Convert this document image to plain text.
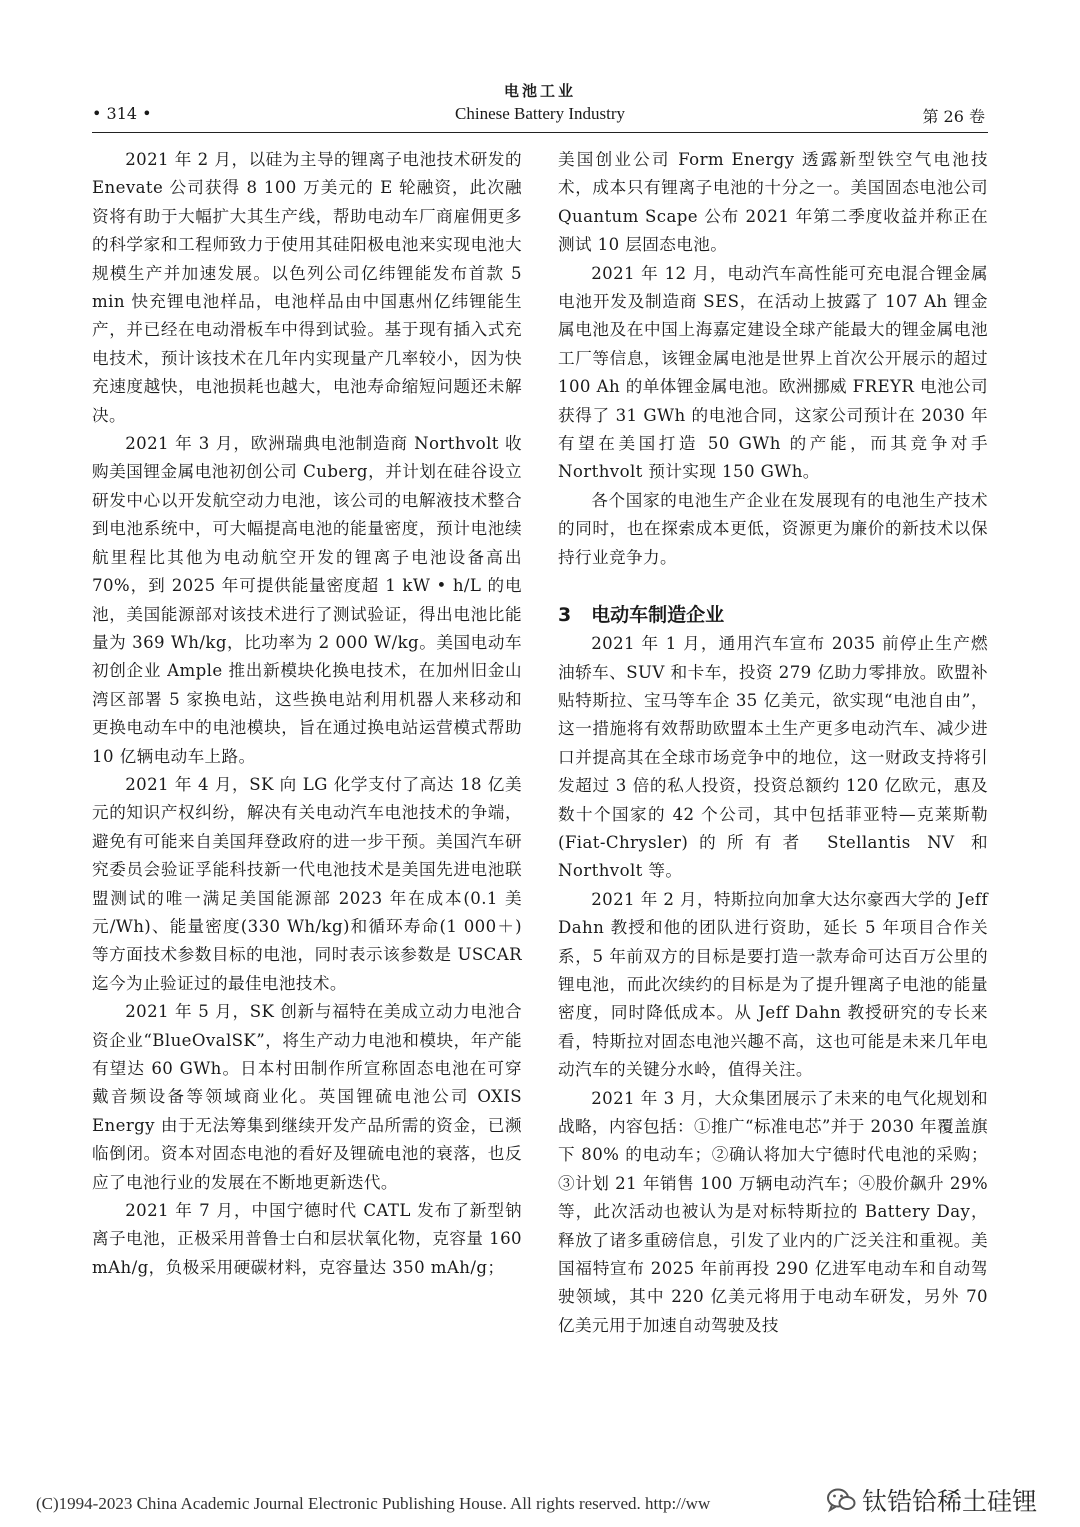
电池工业
• 314 •	Chinese Battery Industry	第 26 卷

2021 年 2 月，以硅为主导的锂离子电池技术研发的 Enevate 公司获得 8 100 万美元的 E 轮融资，此次融资将有助于大幅扩大其生产线，帮助电动车厂商雇佣更多的科学家和工程师致力于使用其硅阳极电池来实现电池大规模生产并加速发展。以色列公司亿纬锂能发布首款 5 min 快充锂电池样品，电池样品由中国惠州亿纬锂能生产，并已经在电动滑板车中得到试验。基于现有插入式充电技术，预计该技术在几年内实现量产几率较小，因为快充速度越快，电池损耗也越大，电池寿命缩短问题还未解决。

2021 年 3 月，欧洲瑞典电池制造商 Northvolt 收购美国锂金属电池初创公司 Cuberg，并计划在硅谷设立研发中心以开发航空动力电池，该公司的电解液技术整合到电池系统中，可大幅提高电池的能量密度，预计电池续航里程比其他为电动航空开发的锂离子电池设备高出 70%，到 2025 年可提供能量密度超 1 kW • h/L 的电池，美国能源部对该技术进行了测试验证，得出电池比能量为 369 Wh/kg，比功率为 2 000 W/kg。美国电动车初创企业 Ample 推出新模块化换电技术，在加州旧金山湾区部署 5 家换电站，这些换电站利用机器人来移动和更换电动车中的电池模块，旨在通过换电站运营模式帮助 10 亿辆电动车上路。

2021 年 4 月，SK 向 LG 化学支付了高达 18 亿美元的知识产权纠纷，解决有关电动汽车电池技术的争端，避免有可能来自美国拜登政府的进一步干预。美国汽车研究委员会验证孚能科技新一代电池技术是美国先进电池联盟测试的唯一满足美国能源部 2023 年在成本(0.1 美元/Wh)、能量密度(330 Wh/kg)和循环寿命(1 000＋)等方面技术参数目标的电池，同时表示该参数是 USCAR 迄今为止验证过的最佳电池技术。

2021 年 5 月，SK 创新与福特在美成立动力电池合资企业“BlueOvalSK”，将生产动力电池和模块，年产能有望达 60 GWh。日本村田制作所宣称固态电池在可穿戴音频设备等领域商业化。英国锂硫电池公司 OXIS Energy 由于无法筹集到继续开发产品所需的资金，已濒临倒闭。资本对固态电池的看好及锂硫电池的衰落，也反应了电池行业的发展在不断地更新迭代。

2021 年 7 月，中国宁德时代 CATL 发布了新型钠离子电池，正极采用普鲁士白和层状氧化物，克容量 160 mAh/g，负极采用硬碳材料，克容量达 350 mAh/g；

美国创业公司 Form Energy 透露新型铁空气电池技术，成本只有锂离子电池的十分之一。美国固态电池公司 Quantum Scape 公布 2021 年第二季度收益并称正在测试 10 层固态电池。

2021 年 12 月，电动汽车高性能可充电混合锂金属电池开发及制造商 SES，在活动上披露了 107 Ah 锂金属电池及在中国上海嘉定建设全球产能最大的锂金属电池工厂等信息，该锂金属电池是世界上首次公开展示的超过 100 Ah 的单体锂金属电池。欧洲挪威 FREYR 电池公司获得了 31 GWh 的电池合同，这家公司预计在 2030 年有望在美国打造 50 GWh 的产能，而其竞争对手 Northvolt 预计实现 150 GWh。

各个国家的电池生产企业在发展现有的电池生产技术的同时，也在探索成本更低，资源更为廉价的新技术以保持行业竞争力。

3 电动车制造企业

2021 年 1 月，通用汽车宣布 2035 前停止生产燃油轿车、SUV 和卡车，投资 279 亿助力零排放。欧盟补贴特斯拉、宝马等车企 35 亿美元，欲实现“电池自由”，这一措施将有效帮助欧盟本土生产更多电动汽车、减少进口并提高其在全球市场竞争中的地位，这一财政支持将引发超过 3 倍的私人投资，投资总额约 120 亿欧元，惠及数十个国家的 42 个公司，其中包括菲亚特—克莱斯勒(Fiat-Chrysler)的所有者 Stellantis NV 和 Northvolt 等。

2021 年 2 月，特斯拉向加拿大达尔豪西大学的 Jeff Dahn 教授和他的团队进行资助，延长 5 年项目合作关系，5 年前双方的目标是要打造一款寿命可达百万公里的锂电池，而此次续约的目标是为了提升锂离子电池的能量密度，同时降低成本。从 Jeff Dahn 教授研究的专长来看，特斯拉对固态电池兴趣不高，这也可能是未来几年电动汽车的关键分水岭，值得关注。

2021 年 3 月，大众集团展示了未来的电气化规划和战略，内容包括：①推广“标准电芯”并于 2030 年覆盖旗下 80% 的电动车；②确认将加大宁德时代电池的采购；③计划 21 年销售 100 万辆电动汽车；④股价飙升 29% 等，此次活动也被认为是对标特斯拉的 Battery Day，释放了诸多重磅信息，引发了业内的广泛关注和重视。美国福特宣布 2025 年前再投 290 亿进军电动车和自动驾驶领域，其中 220 亿美元将用于电动车研发，另外 70 亿美元用于加速自动驾驶及技

(C)1994-2023 China Academic Journal Electronic Publishing House. All rights reserved. http://ww	钛锆铪稀土硅锂
